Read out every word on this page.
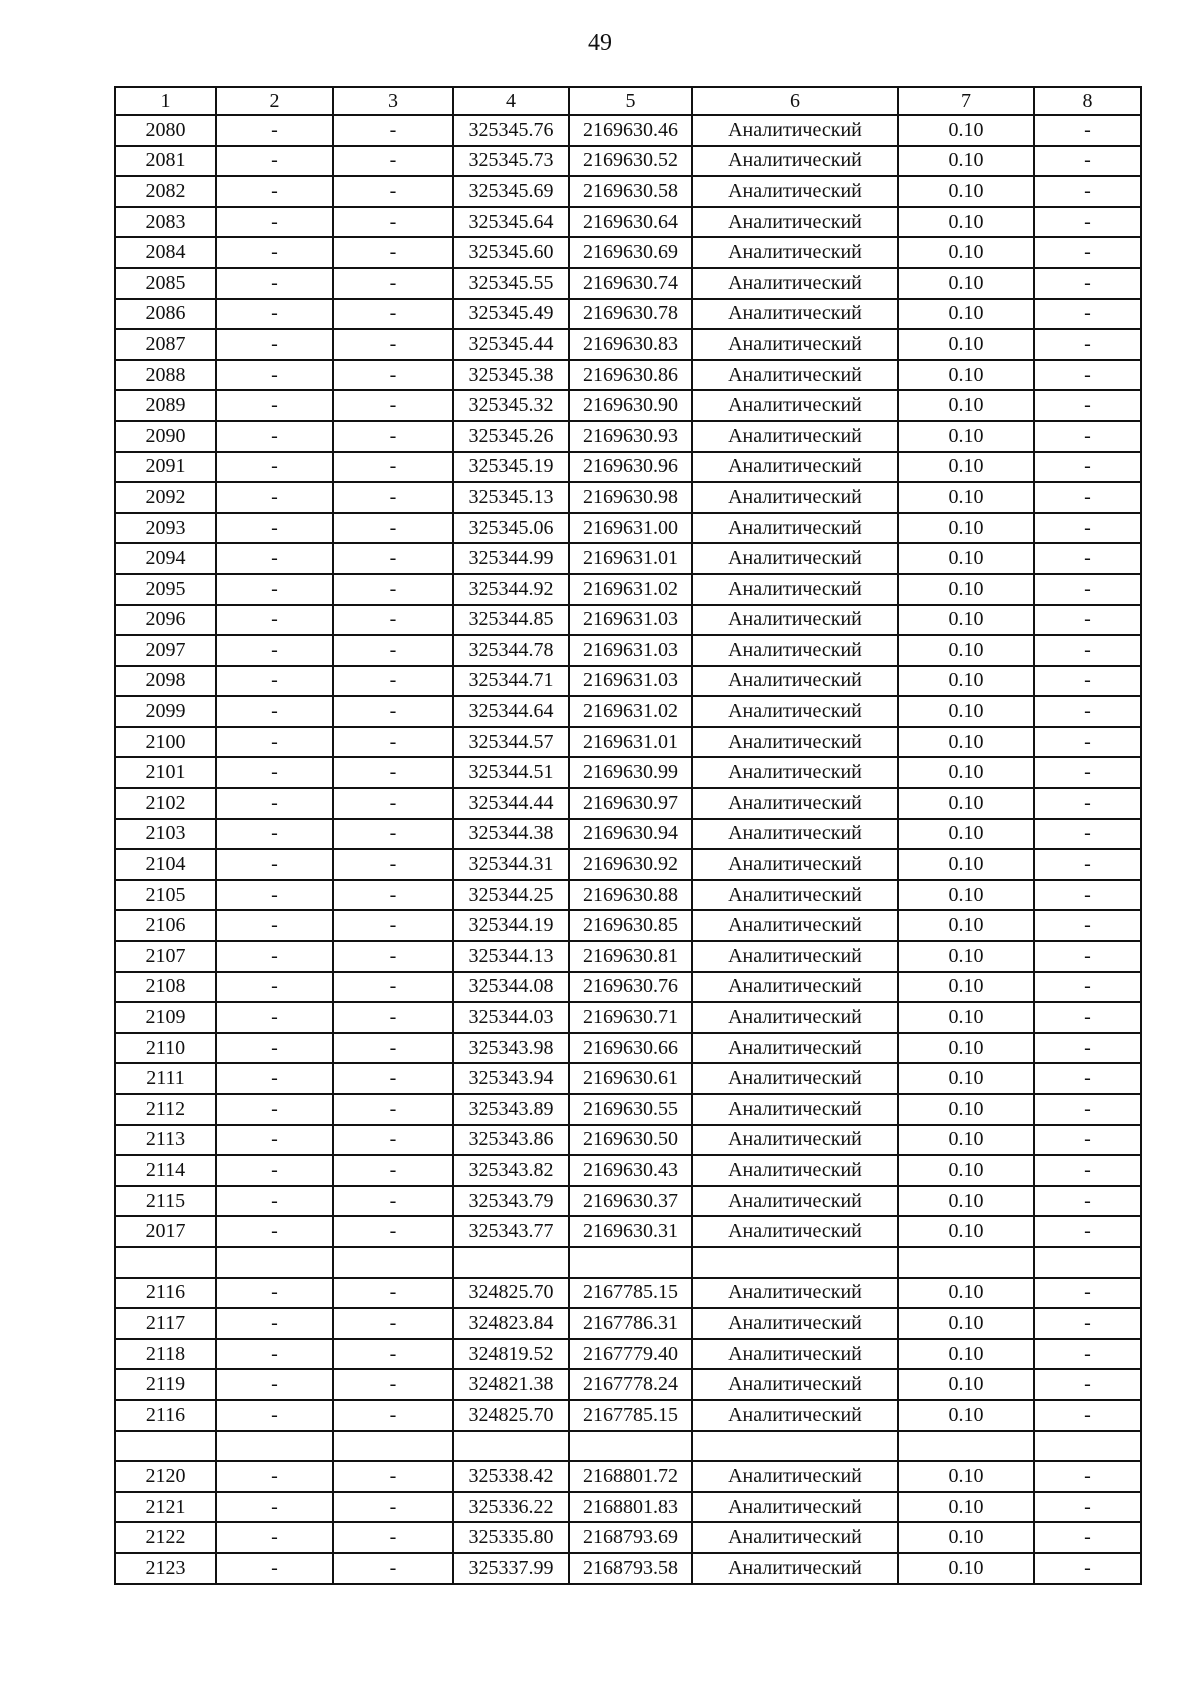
49
1	2	3	4	5	6	7	8
2080	-	-	325345.76	2169630.46	Аналитический	0.10	-
2081	-	-	325345.73	2169630.52	Аналитический	0.10	-
2082	-	-	325345.69	2169630.58	Аналитический	0.10	-
2083	-	-	325345.64	2169630.64	Аналитический	0.10	-
2084	-	-	325345.60	2169630.69	Аналитический	0.10	-
2085	-	-	325345.55	2169630.74	Аналитический	0.10	-
2086	-	-	325345.49	2169630.78	Аналитический	0.10	-
2087	-	-	325345.44	2169630.83	Аналитический	0.10	-
2088	-	-	325345.38	2169630.86	Аналитический	0.10	-
2089	-	-	325345.32	2169630.90	Аналитический	0.10	-
2090	-	-	325345.26	2169630.93	Аналитический	0.10	-
2091	-	-	325345.19	2169630.96	Аналитический	0.10	-
2092	-	-	325345.13	2169630.98	Аналитический	0.10	-
2093	-	-	325345.06	2169631.00	Аналитический	0.10	-
2094	-	-	325344.99	2169631.01	Аналитический	0.10	-
2095	-	-	325344.92	2169631.02	Аналитический	0.10	-
2096	-	-	325344.85	2169631.03	Аналитический	0.10	-
2097	-	-	325344.78	2169631.03	Аналитический	0.10	-
2098	-	-	325344.71	2169631.03	Аналитический	0.10	-
2099	-	-	325344.64	2169631.02	Аналитический	0.10	-
2100	-	-	325344.57	2169631.01	Аналитический	0.10	-
2101	-	-	325344.51	2169630.99	Аналитический	0.10	-
2102	-	-	325344.44	2169630.97	Аналитический	0.10	-
2103	-	-	325344.38	2169630.94	Аналитический	0.10	-
2104	-	-	325344.31	2169630.92	Аналитический	0.10	-
2105	-	-	325344.25	2169630.88	Аналитический	0.10	-
2106	-	-	325344.19	2169630.85	Аналитический	0.10	-
2107	-	-	325344.13	2169630.81	Аналитический	0.10	-
2108	-	-	325344.08	2169630.76	Аналитический	0.10	-
2109	-	-	325344.03	2169630.71	Аналитический	0.10	-
2110	-	-	325343.98	2169630.66	Аналитический	0.10	-
2111	-	-	325343.94	2169630.61	Аналитический	0.10	-
2112	-	-	325343.89	2169630.55	Аналитический	0.10	-
2113	-	-	325343.86	2169630.50	Аналитический	0.10	-
2114	-	-	325343.82	2169630.43	Аналитический	0.10	-
2115	-	-	325343.79	2169630.37	Аналитический	0.10	-
2017	-	-	325343.77	2169630.31	Аналитический	0.10	-

2116	-	-	324825.70	2167785.15	Аналитический	0.10	-
2117	-	-	324823.84	2167786.31	Аналитический	0.10	-
2118	-	-	324819.52	2167779.40	Аналитический	0.10	-
2119	-	-	324821.38	2167778.24	Аналитический	0.10	-
2116	-	-	324825.70	2167785.15	Аналитический	0.10	-

2120	-	-	325338.42	2168801.72	Аналитический	0.10	-
2121	-	-	325336.22	2168801.83	Аналитический	0.10	-
2122	-	-	325335.80	2168793.69	Аналитический	0.10	-
2123	-	-	325337.99	2168793.58	Аналитический	0.10	-
